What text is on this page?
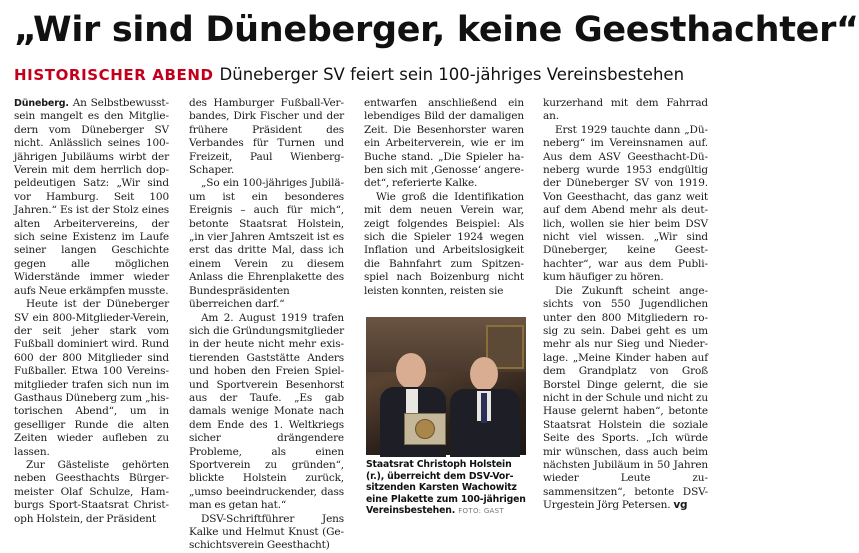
„Wir sind Düneberger, keine Geesthachter“
HISTORISCHER ABEND Düneberger SV feiert sein 100-jähriges Vereinsbestehen

Düneberg. An Selbstbewusstsein mangelt es den Mitgliedern vom Düneberger SV nicht. Anlässlich seines 100-jährigen Jubiläums wirbt der Verein mit dem herrlich doppeldeutigen Satz: „Wir sind vor Hamburg. Seit 100 Jahren.“ Es ist der Stolz eines alten Arbeitervereins, der sich seine Existenz im Laufe seiner langen Geschichte gegen alle möglichen Widerstände immer wieder aufs Neue erkämpfen musste.

Heute ist der Düneberger SV ein 800-Mitglieder-Verein, der seit jeher stark vom Fußball dominiert wird. Rund 600 der 800 Mitglieder sind Fußballer. Etwa 100 Vereinsmitglieder trafen sich nun im Gasthaus Düneberg zum „historischen Abend“, um in geselliger Runde die alten Zeiten wieder aufleben zu lassen.

Zur Gästeliste gehörten neben Geesthachts Bürgermeister Olaf Schulze, Hamburgs Sport-Staatsrat Christoph Holstein, der Präsident

des Hamburger Fußball-Verbandes, Dirk Fischer und der frühere Präsident des Verbandes für Turnen und Freizeit, Paul Wienberg-Schaper.

„So ein 100-jähriges Jubiläum ist ein besonderes Ereignis – auch für mich“, betonte Staatsrat Holstein, „in vier Jahren Amtszeit ist es erst das dritte Mal, dass ich einem Verein zu diesem Anlass die Ehrenplakette des Bundespräsidenten überreichen darf.“

Am 2. August 1919 trafen sich die Gründungsmitglieder in der heute nicht mehr existierenden Gaststätte Anders und hoben den Freien Spiel- und Sportverein Besenhorst aus der Taufe. „Es gab damals wenige Monate nach dem Ende des 1. Weltkriegs sicher drängendere Probleme, als einen Sportverein zu gründen“, blickte Holstein zurück, „umso beeindruckender, dass man es getan hat.“

DSV-Schriftführer Jens Kalke und Helmut Knust (Geschichtsverein Geesthacht)

entwarfen anschließend ein lebendiges Bild der damaligen Zeit. Die Besenhorster waren ein Arbeiterverein, wie er im Buche stand. „Die Spieler haben sich mit ‚Genosse‘ angeredet“, referierte Kalke.

Wie groß die Identifikation mit dem neuen Verein war, zeigt folgendes Beispiel: Als sich die Spieler 1924 wegen Inflation und Arbeitslosigkeit die Bahnfahrt zum Spitzenspiel nach Boizenburg nicht leisten konnten, reisten sie

Staatsrat Christoph Holstein (r.), überreicht dem DSV-Vorsitzenden Karsten Wachowitz eine Plakette zum 100-jährigen Vereinsbestehen. FOTO: GAST

kurzerhand mit dem Fahrrad an.

Erst 1929 tauchte dann „Düneberg“ im Vereinsnamen auf. Aus dem ASV Geesthacht-Düneberg wurde 1953 endgültig der Düneberger SV von 1919. Von Geesthacht, das ganz weit auf dem Abend mehr als deutlich, wollen sie hier beim DSV nicht viel wissen. „Wir sind Düneberger, keine Geesthachter“, war aus dem Publikum häufiger zu hören.

Die Zukunft scheint angesichts von 550 Jugendlichen unter den 800 Mitgliedern rosig zu sein. Dabei geht es um mehr als nur Sieg und Niederlage. „Meine Kinder haben auf dem Grandplatz von Groß Borstel Dinge gelernt, die sie nicht in der Schule und nicht zu Hause gelernt haben“, betonte Staatsrat Holstein die soziale Seite des Sports. „Ich würde mir wünschen, dass auch beim nächsten Jubiläum in 50 Jahren wieder Leute zusammensitzen“, betonte DSV-Urgestein Jörg Petersen. vg
